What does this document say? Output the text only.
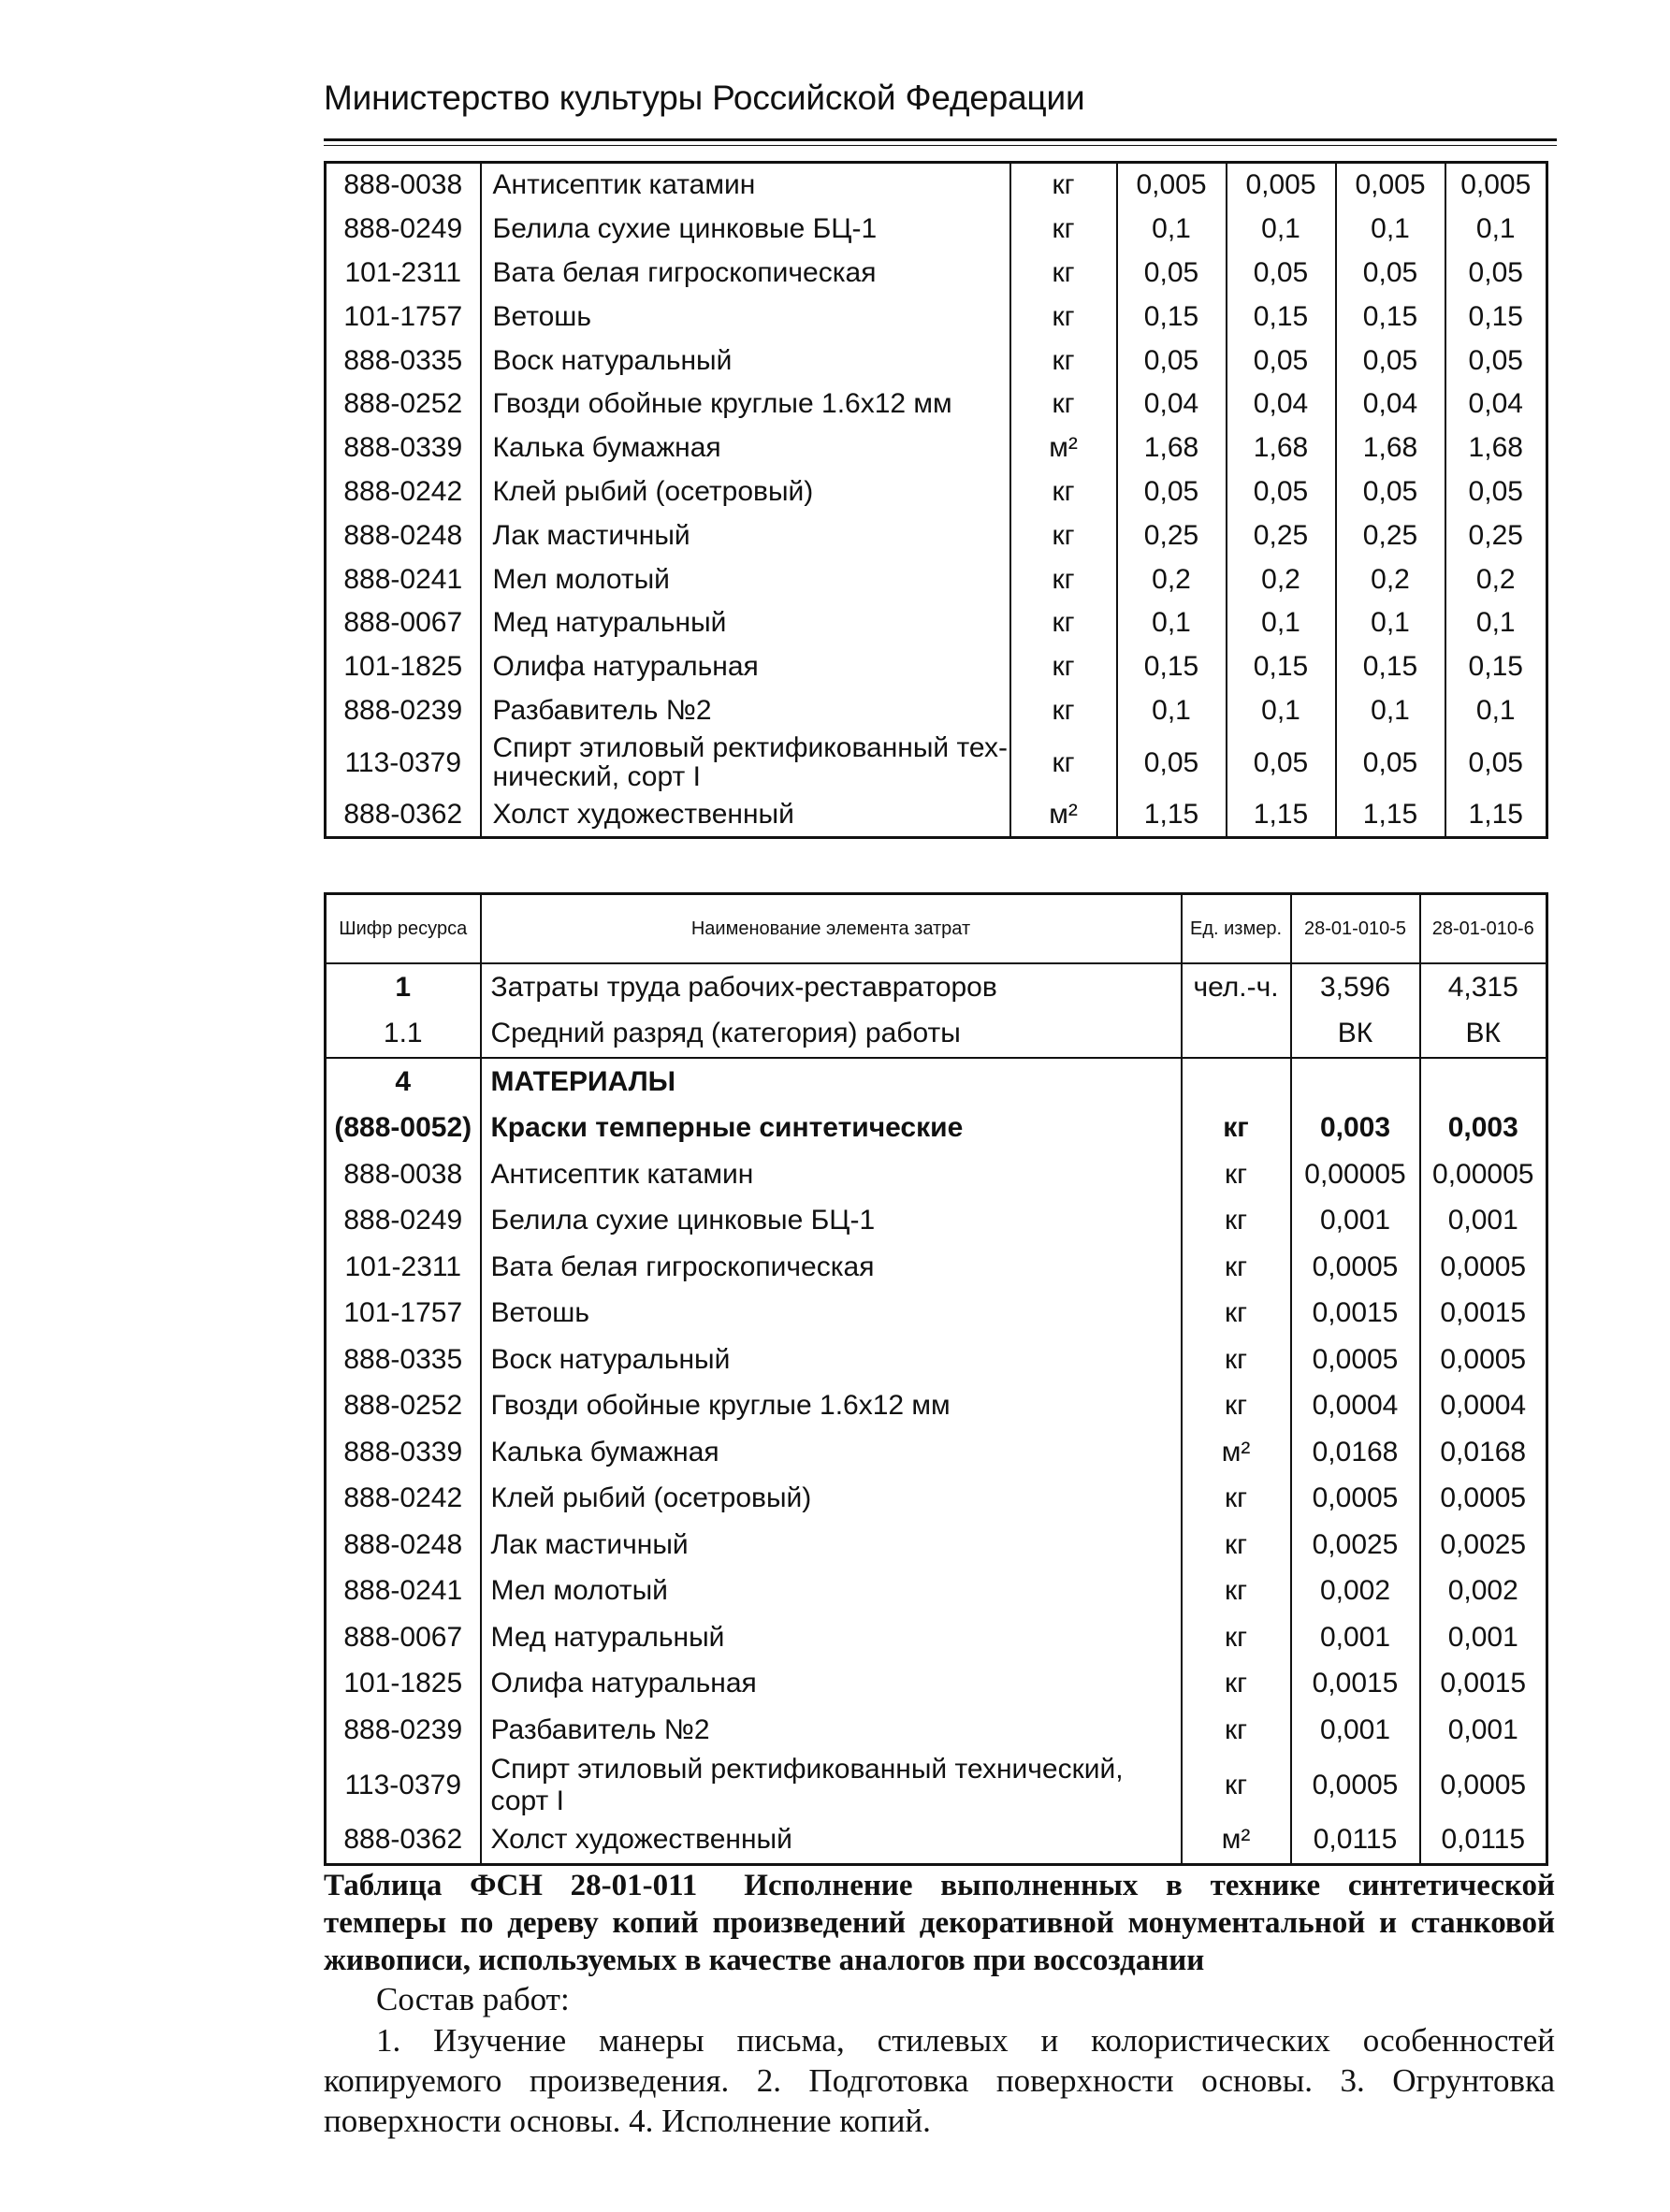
Министерство культуры Российской Федерации
888-0038	Антисептик катамин	кг	0,005	0,005	0,005	0,005
888-0249	Белила сухие цинковые БЦ-1	кг	0,1	0,1	0,1	0,1
101-2311	Вата белая гигроскопическая	кг	0,05	0,05	0,05	0,05
101-1757	Ветошь	кг	0,15	0,15	0,15	0,15
888-0335	Воск натуральный	кг	0,05	0,05	0,05	0,05
888-0252	Гвозди обойные круглые 1.6х12 мм	кг	0,04	0,04	0,04	0,04
888-0339	Калька бумажная	м²	1,68	1,68	1,68	1,68
888-0242	Клей рыбий (осетровый)	кг	0,05	0,05	0,05	0,05
888-0248	Лак мастичный	кг	0,25	0,25	0,25	0,25
888-0241	Мел молотый	кг	0,2	0,2	0,2	0,2
888-0067	Мед натуральный	кг	0,1	0,1	0,1	0,1
101-1825	Олифа натуральная	кг	0,15	0,15	0,15	0,15
888-0239	Разбавитель №2	кг	0,1	0,1	0,1	0,1
113-0379	Спирт этиловый ректификованный тех-нический, сорт I	кг	0,05	0,05	0,05	0,05
888-0362	Холст художественный	м²	1,15	1,15	1,15	1,15
Шифр ресурса	Наименование элемента затрат	Ед. измер.	28-01-010-5	28-01-010-6
1	Затраты труда рабочих-реставраторов	чел.-ч.	3,596	4,315
1.1	Средний разряд (категория) работы		ВК	ВК
4	МАТЕРИАЛЫ			
(888-0052)	Краски темперные синтетические	кг	0,003	0,003
888-0038	Антисептик катамин	кг	0,00005	0,00005
888-0249	Белила сухие цинковые БЦ-1	кг	0,001	0,001
101-2311	Вата белая гигроскопическая	кг	0,0005	0,0005
101-1757	Ветошь	кг	0,0015	0,0015
888-0335	Воск натуральный	кг	0,0005	0,0005
888-0252	Гвозди обойные круглые 1.6х12 мм	кг	0,0004	0,0004
888-0339	Калька бумажная	м²	0,0168	0,0168
888-0242	Клей рыбий (осетровый)	кг	0,0005	0,0005
888-0248	Лак мастичный	кг	0,0025	0,0025
888-0241	Мел молотый	кг	0,002	0,002
888-0067	Мед натуральный	кг	0,001	0,001
101-1825	Олифа натуральная	кг	0,0015	0,0015
888-0239	Разбавитель №2	кг	0,001	0,001
113-0379	Спирт этиловый ректификованный технический, сорт I	кг	0,0005	0,0005
888-0362	Холст художественный	м²	0,0115	0,0115
Таблица ФСН 28-01-011 Исполнение выполненных в технике синтетической темперы по дереву копий произведений декоративной монументальной и станковой живописи, используемых в качестве аналогов при воссоздании
Состав работ:
1. Изучение манеры письма, стилевых и колористических особенностей копируемого произведения. 2. Подготовка поверхности основы. 3. Огрунтовка поверхности основы. 4. Исполнение копий.
